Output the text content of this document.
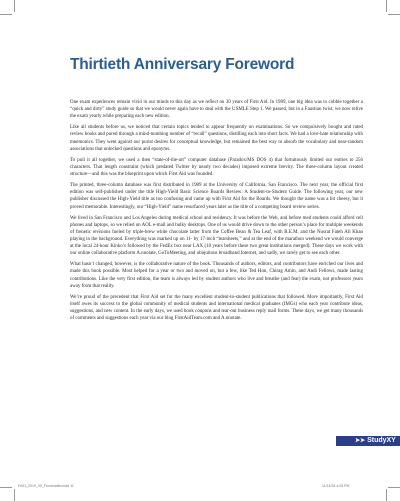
Thirtieth Anniversary Foreword

One exam experiences remain vivid in our minds to this day as we reflect on 30 years of First Aid. In 1989, one big idea was to cobble together a “quick and dirty” study guide so that we would never again have to deal with the USMLE Step 1. We passed, but in a Faustian twist, we now relive the exam yearly while preparing each new edition.

Like all students before us, we noticed that certain topics tended to appear frequently on examinations. So we compulsively bought and rated review books and pored through a mind-numbing number of “recall” questions, distilling each into short facts. We had a love-hate relationship with mnemonics. They went against our purist desires for conceptual knowledge, but remained the best way to absorb the vocabulary and near-random associations that unlocked questions and eponyms.

To pull it all together, we used a then “state-of-the-art” computer database (Paradox/MS DOS 4) that fortuitously limited our entries to 256 characters. That length constraint (which predated Twitter by nearly two decades) imposed extreme brevity. The three-column layout created structure—and this was the blueprint upon which First Aid was founded.

The printed, three-column database was first distributed in 1989 at the University of California, San Francisco. The next year, the official first edition was self-published under the title High-Yield Basic Science Boards Review: A Student-to-Student Guide. The following year, our new publisher discussed the High-Yield title as too confusing and came up with First Aid for the Boards. We thought the name was a bit cheesy, but it proved memorable. Interestingly, our “High-Yield” name resurfaced years later as the title of a competing board review series.

We lived in San Francisco and Los Angeles during medical school and residency. It was before the Web, and before med students could afford cell phones and laptops, so we relied on AOL e-mail and bulky desktops. One of us would drive down to the other person’s place for multiple weekends of frenetic revisions fueled by triple-brew white chocolate latter from the Coffee Bean & Tea Leaf, with R.E.M. and the Nusrat Fateh Ali Khan playing in the background. Everything was marked up on 11- by 17-inch “tearsheets,” and at the end of the marathon weekend we would converge at the local 24-hour Kinko’s followed by the FedEx box near LAX (10 years before these two great institutions merged). These days we work with our online collaborative platform A.nnotate, GoToMeeting, and ubiquitous broadband Internet, and sadly, we rarely get to see each other.

What hasn’t changed, however, is the collaborative nature of the book. Thousands of authors, editors, and contributors have enriched our lives and made this book possible. Most helped for a year or two and moved on, but a few, like Ted Hon, Chirag Amin, and Andi Fellows, made lasting contributions. Like the very first edition, the team is always led by student authors who live and breathe (and fear) the exam, not professors years away from that reality.

We’re proud of the precedent that First Aid set for the many excellent student-to-student publications that followed. More importantly, First Aid itself owes its success to the global community of medical students and international medical graduates (IMGs) who each year contribute ideas, suggestions, and new content. In the early days, we used book coupons and tear-out business reply mail forms. These days, we get many thousands of comments and suggestions each year via our blog FirstAidTeam.com and A.nnotate.

➤➤ StudyXY
FA01_2019_00_Frontmatter.indd 11	11/14/18 4:05 PM
